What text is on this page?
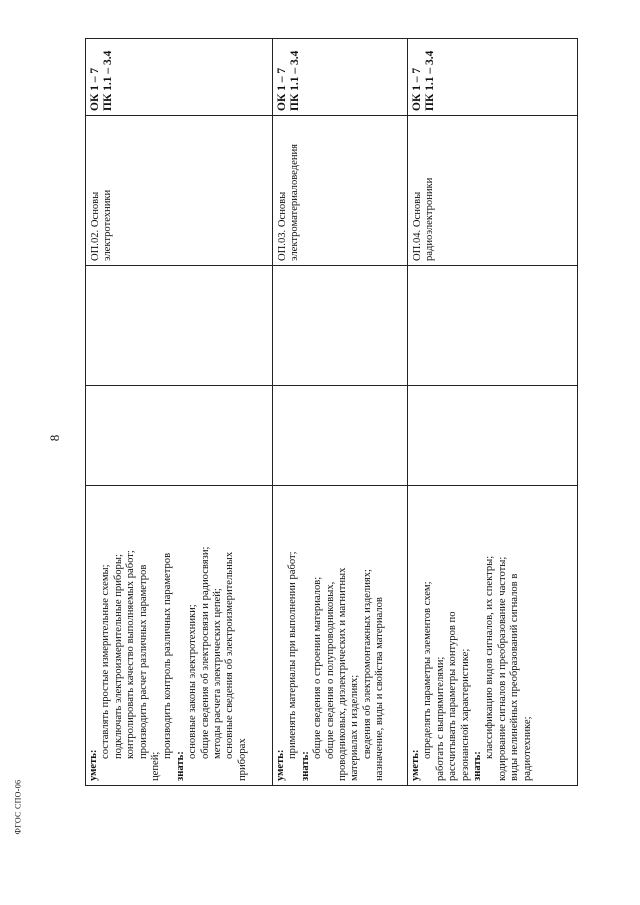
8
ФГОС СПО-06
уметь:
составлять простые измерительные схемы; подключать электроизмерительные приборы; контролировать качество выполняемых работ; производить расчет различных параметров
цепей;
производить контроль различных параметров
знать:
основные законы электротехники; общие сведения об электросвязи и радиосвязи; методы расчета электрических цепей; основные сведения об электроизмерительных
приборах
ОП.02. Основы электротехники
ОК 1 – 7 ПК 1.1 – 3.4
уметь:
применять материалы при выполнении работ;
знать:
общие сведения о строении материалов; общие сведения о полупроводниковых, проводниковых, диэлектрических и магнитных материалах и изделиях; сведения об электромонтажных изделиях; назначение, виды и свойства материалов
ОП.03. Основы электроматериаловедения
ОК 1 – 7 ПК 1.1 – 3.4
уметь:
определять параметры элементов схем; работать с выпрямителями; рассчитывать параметры контуров по резонансной характеристике; знать:
классификацию видов сигналов, их спектры; кодирование сигналов и преобразование частоты; виды нелинейных преобразований сигналов в радиотехнике;
ОП.04. Основы радиоэлектроники
ОК 1 – 7 ПК 1.1 – 3.4
